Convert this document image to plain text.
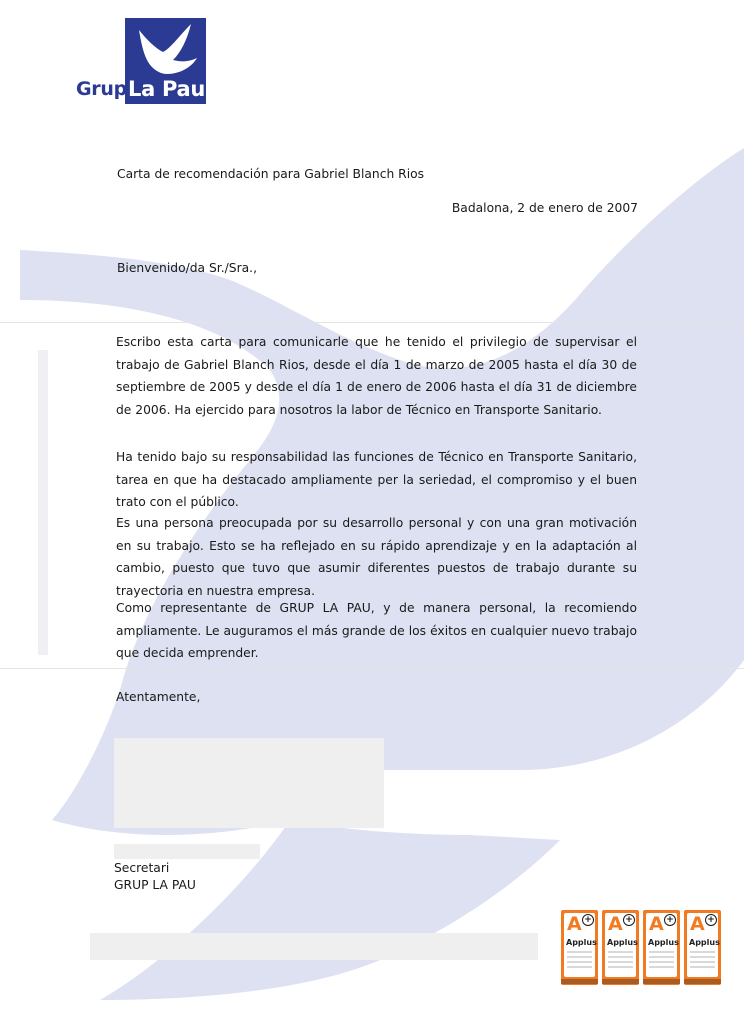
Grup La Pau

Carta de recomendación para Gabriel Blanch Rios

Badalona, 2 de enero de 2007

Bienvenido/da Sr./Sra.,

Escribo esta carta para comunicarle que he tenido el privilegio de supervisar el trabajo de Gabriel Blanch Rios, desde el día 1 de marzo de 2005 hasta el día 30 de septiembre de 2005 y desde el día 1 de enero de 2006 hasta el día 31 de diciembre de 2006. Ha ejercido para nosotros la labor de Técnico en Transporte Sanitario.

Ha tenido bajo su responsabilidad las funciones de Técnico en Transporte Sanitario, tarea en que ha destacado ampliamente per la seriedad, el compromiso y el buen trato con el público.

Es una persona preocupada por su desarrollo personal y con una gran motivación en su trabajo. Esto se ha reflejado en su rápido aprendizaje y en la adaptación al cambio, puesto que tuvo que asumir diferentes puestos de trabajo durante su trayectoria en nuestra empresa.

Como representante de GRUP LA PAU, y de manera personal, la recomiendo ampliamente. Le auguramos el más grande de los éxitos en cualquier nuevo trabajo que decida emprender.

Atentamente,

Secretari

GRUP LA PAU

A +
Applus
A +
Applus
A +
Applus
A +
Applus
